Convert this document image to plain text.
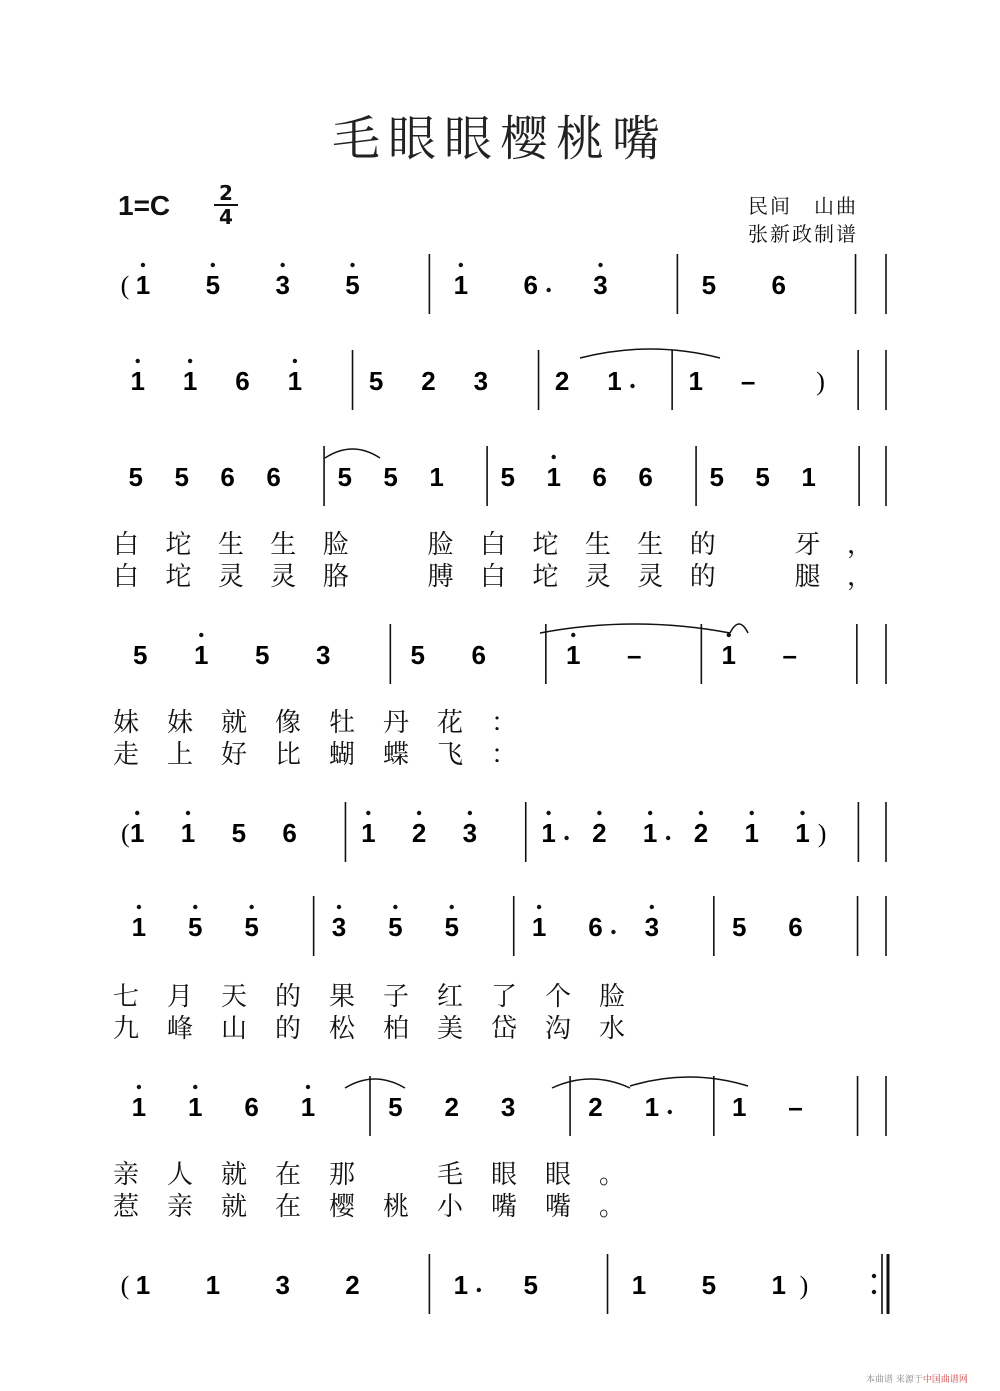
毛眼眼樱桃嘴
1=C 2
4	民间　山曲
张新政制谱
( 1 5 3 5	1 6 3	5 6
1 1 6 1	5 2 3	2 1	1 – )
5 5 6 6 5 5 1 5 1 6 6 5 5 1
5 1 5 3	5 6	1 –	1 –
( 1 1 5 6 1 2 3 1 2 1 2 1 1 )
1 5 5	3 5 5	1 6 3	5 6
1 1 6 1	5 2 3	2 1	1 –
( 1 1 3 2	1 5	1 5 1 )
白 坨 生 生 脸
　	脸 白 坨 生 生 的
　	牙 ，
白 坨 灵 灵 胳
　	膊 白 坨 灵 灵 的
　	腿 ，
妹 妹 就 像 牡 丹 花 ：
走 上 好 比 蝴 蝶 飞 ：
七 月 天 的 果 子 红 了 个 脸
九 峰 山 的 松 柏 美 岱 沟 水
亲 人 就 在 那
　	毛 眼 眼 。
惹 亲 就 在 樱 桃 小 嘴 嘴 。
本曲谱 来源于中国曲谱网
